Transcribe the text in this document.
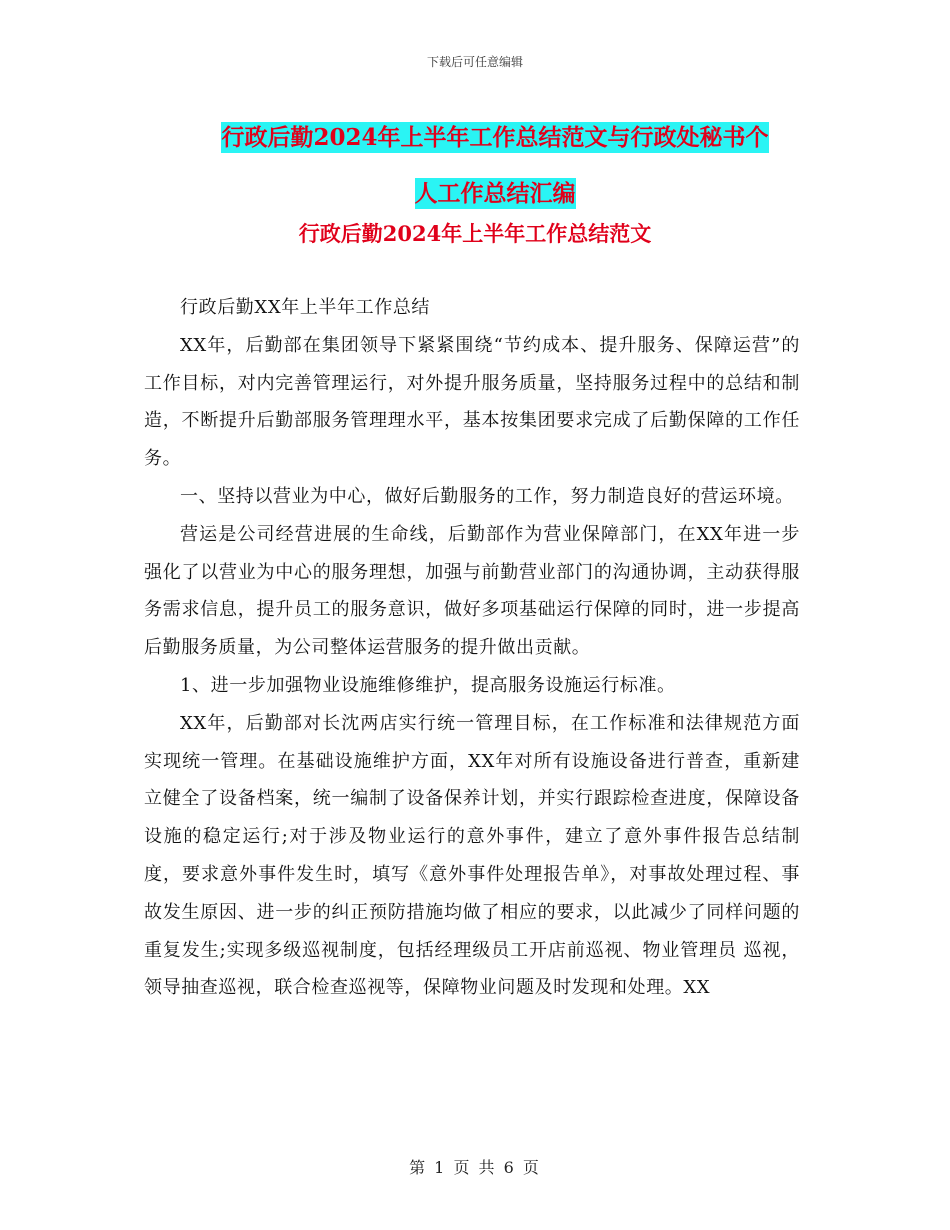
下载后可任意编辑
行政后勤2024年上半年工作总结范文与行政处秘书个
人工作总结汇编
行政后勤2024年上半年工作总结范文

行政后勤XX年上半年工作总结

XX年，后勤部在集团领导下紧紧围绕“节约成本、提升服务、保障运营”的工作目标，对内完善管理运行，对外提升服务质量，坚持服务过程中的总结和制造，不断提升后勤部服务管理理水平，基本按集团要求完成了后勤保障的工作任务。

一、坚持以营业为中心，做好后勤服务的工作，努力制造良好的营运环境。

营运是公司经营进展的生命线，后勤部作为营业保障部门，在XX年进一步强化了以营业为中心的服务理想，加强与前勤营业部门的沟通协调，主动获得服务需求信息，提升员工的服务意识，做好多项基础运行保障的同时，进一步提高后勤服务质量，为公司整体运营服务的提升做出贡献。

1、进一步加强物业设施维修维护，提高服务设施运行标准。

XX年，后勤部对长沈两店实行统一管理目标，在工作标准和法律规范方面实现统一管理。在基础设施维护方面，XX年对所有设施设备进行普查，重新建立健全了设备档案，统一编制了设备保养计划，并实行跟踪检查进度，保障设备设施的稳定运行;对于涉及物业运行的意外事件，建立了意外事件报告总结制度，要求意外事件发生时，填写《意外事件处理报告单》，对事故处理过程、事故发生原因、进一步的纠正预防措施均做了相应的要求，以此减少了同样问题的重复发生;实现多级巡视制度，包括经理级员工开店前巡视、物业管理员 巡视，领导抽查巡视，联合检查巡视等，保障物业问题及时发现和处理。XX

第 1 页 共 6 页
